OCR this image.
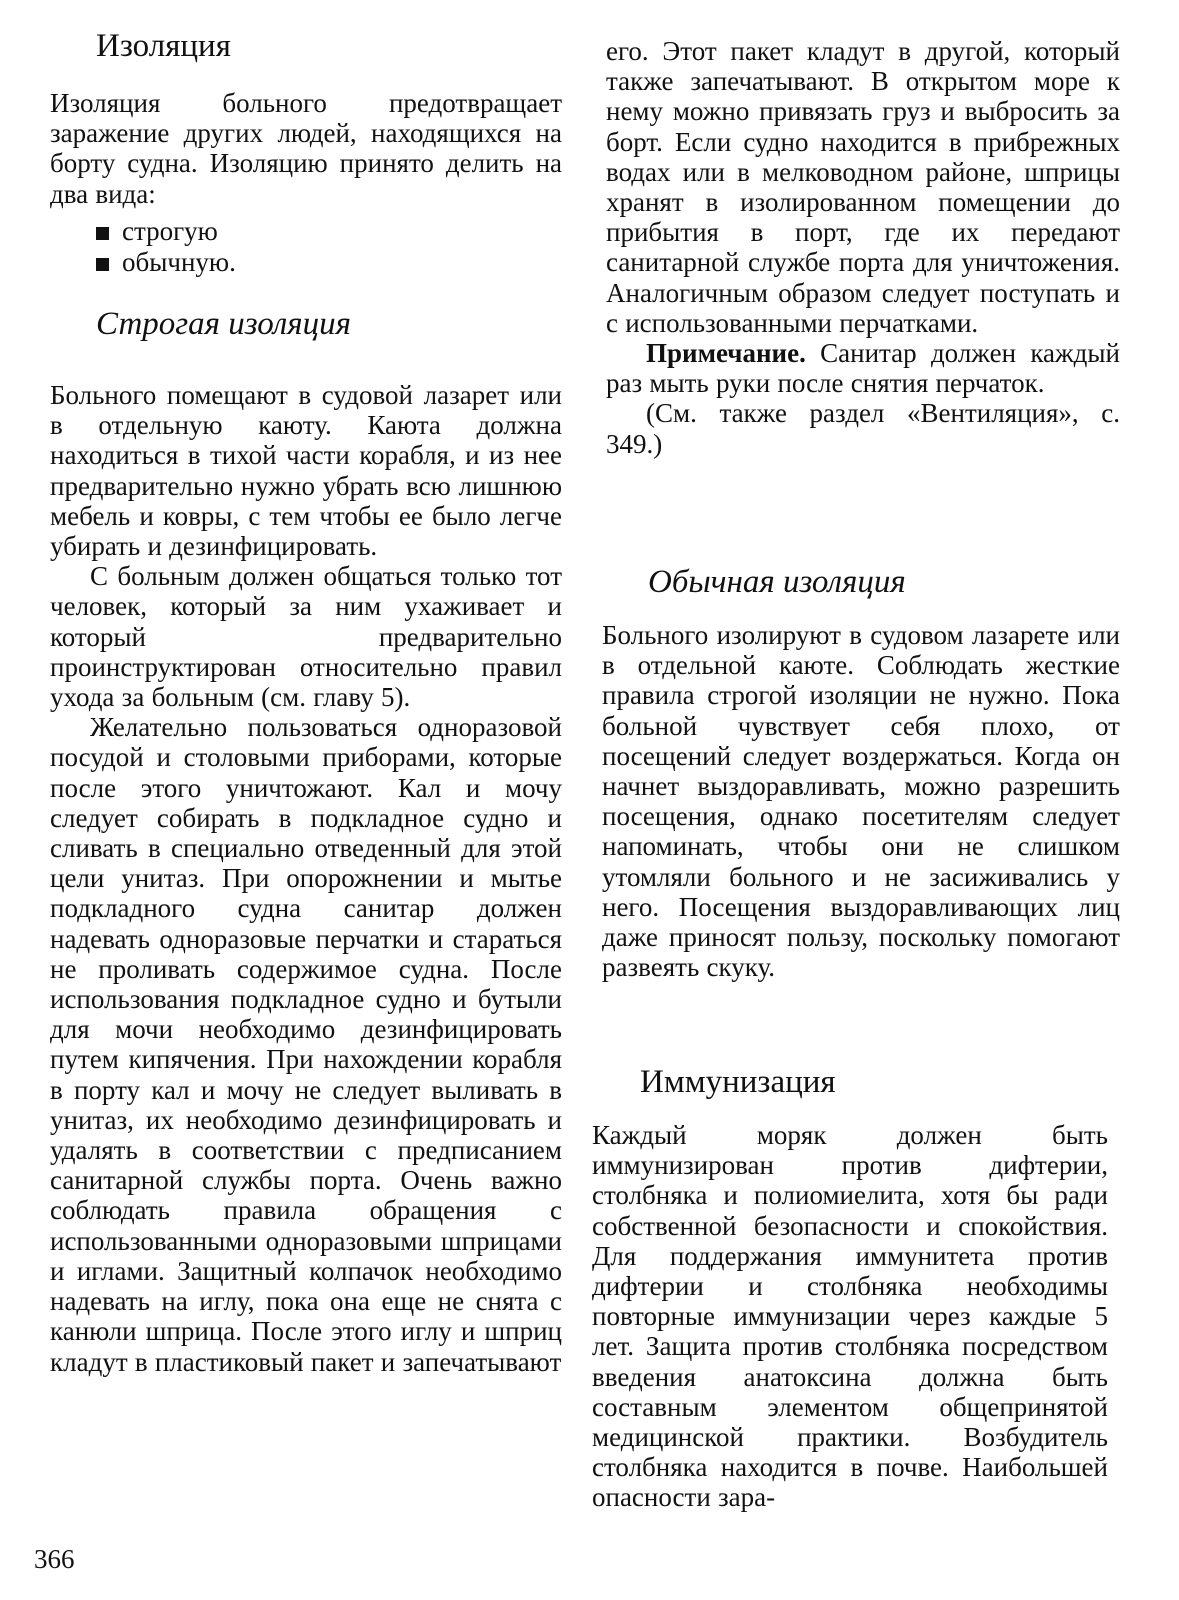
Изоляция

Изоляция больного предотвращает заражение других людей, находящихся на борту судна. Изоляцию принято делить на два вида:

строгую
обычную.
Строгая изоляция

Больного помещают в судовой лазарет или в отдельную каюту. Каюта должна находиться в тихой части корабля, и из нее предварительно нужно убрать всю лишнюю мебель и ковры, с тем чтобы ее было легче убирать и дезинфицировать.

С больным должен общаться только тот человек, который за ним ухаживает и который предварительно проинструктирован относительно правил ухода за больным (см. главу 5).

Желательно пользоваться одноразовой посудой и столовыми приборами, которые после этого уничтожают. Кал и мочу следует собирать в подкладное судно и сливать в специально отведенный для этой цели унитаз. При опорожнении и мытье подкладного судна санитар должен надевать одноразовые перчатки и стараться не проливать содержимое судна. После использования подкладное судно и бутыли для мочи необходимо дезинфицировать путем кипячения. При нахождении корабля в порту кал и мочу не следует выливать в унитаз, их необходимо дезинфицировать и удалять в соответствии с предписанием санитарной службы порта. Очень важно соблюдать правила обращения с использованными одноразовыми шприцами и иглами. Защитный колпачок необходимо надевать на иглу, пока она еще не снята с канюли шприца. После этого иглу и шприц кладут в пластиковый пакет и запечатывают

его. Этот пакет кладут в другой, который также запечатывают. В открытом море к нему можно привязать груз и выбросить за борт. Если судно находится в прибрежных водах или в мелководном районе, шприцы хранят в изолированном помещении до прибытия в порт, где их передают санитарной службе порта для уничтожения. Аналогичным образом следует поступать и с использованными перчатками.

Примечание. Санитар должен каждый раз мыть руки после снятия перчаток.

(См. также раздел «Вентиляция», с. 349.)

Обычная изоляция

Больного изолируют в судовом лазарете или в отдельной каюте. Соблюдать жесткие правила строгой изоляции не нужно. Пока больной чувствует себя плохо, от посещений следует воздержаться. Когда он начнет выздоравливать, можно разрешить посещения, однако посетителям следует напоминать, чтобы они не слишком утомляли больного и не засиживались у него. Посещения выздоравливающих лиц даже приносят пользу, поскольку помогают развеять скуку.

Иммунизация

Каждый моряк должен быть иммунизирован против дифтерии, столбняка и полиомиелита, хотя бы ради собственной безопасности и спокойствия. Для поддержания иммунитета против дифтерии и столбняка необходимы повторные иммунизации через каждые 5 лет. Защита против столбняка посредством введения анатоксина должна быть составным элементом общепринятой медицинской практики. Возбудитель столбняка находится в почве. Наибольшей опасности зара-

366
